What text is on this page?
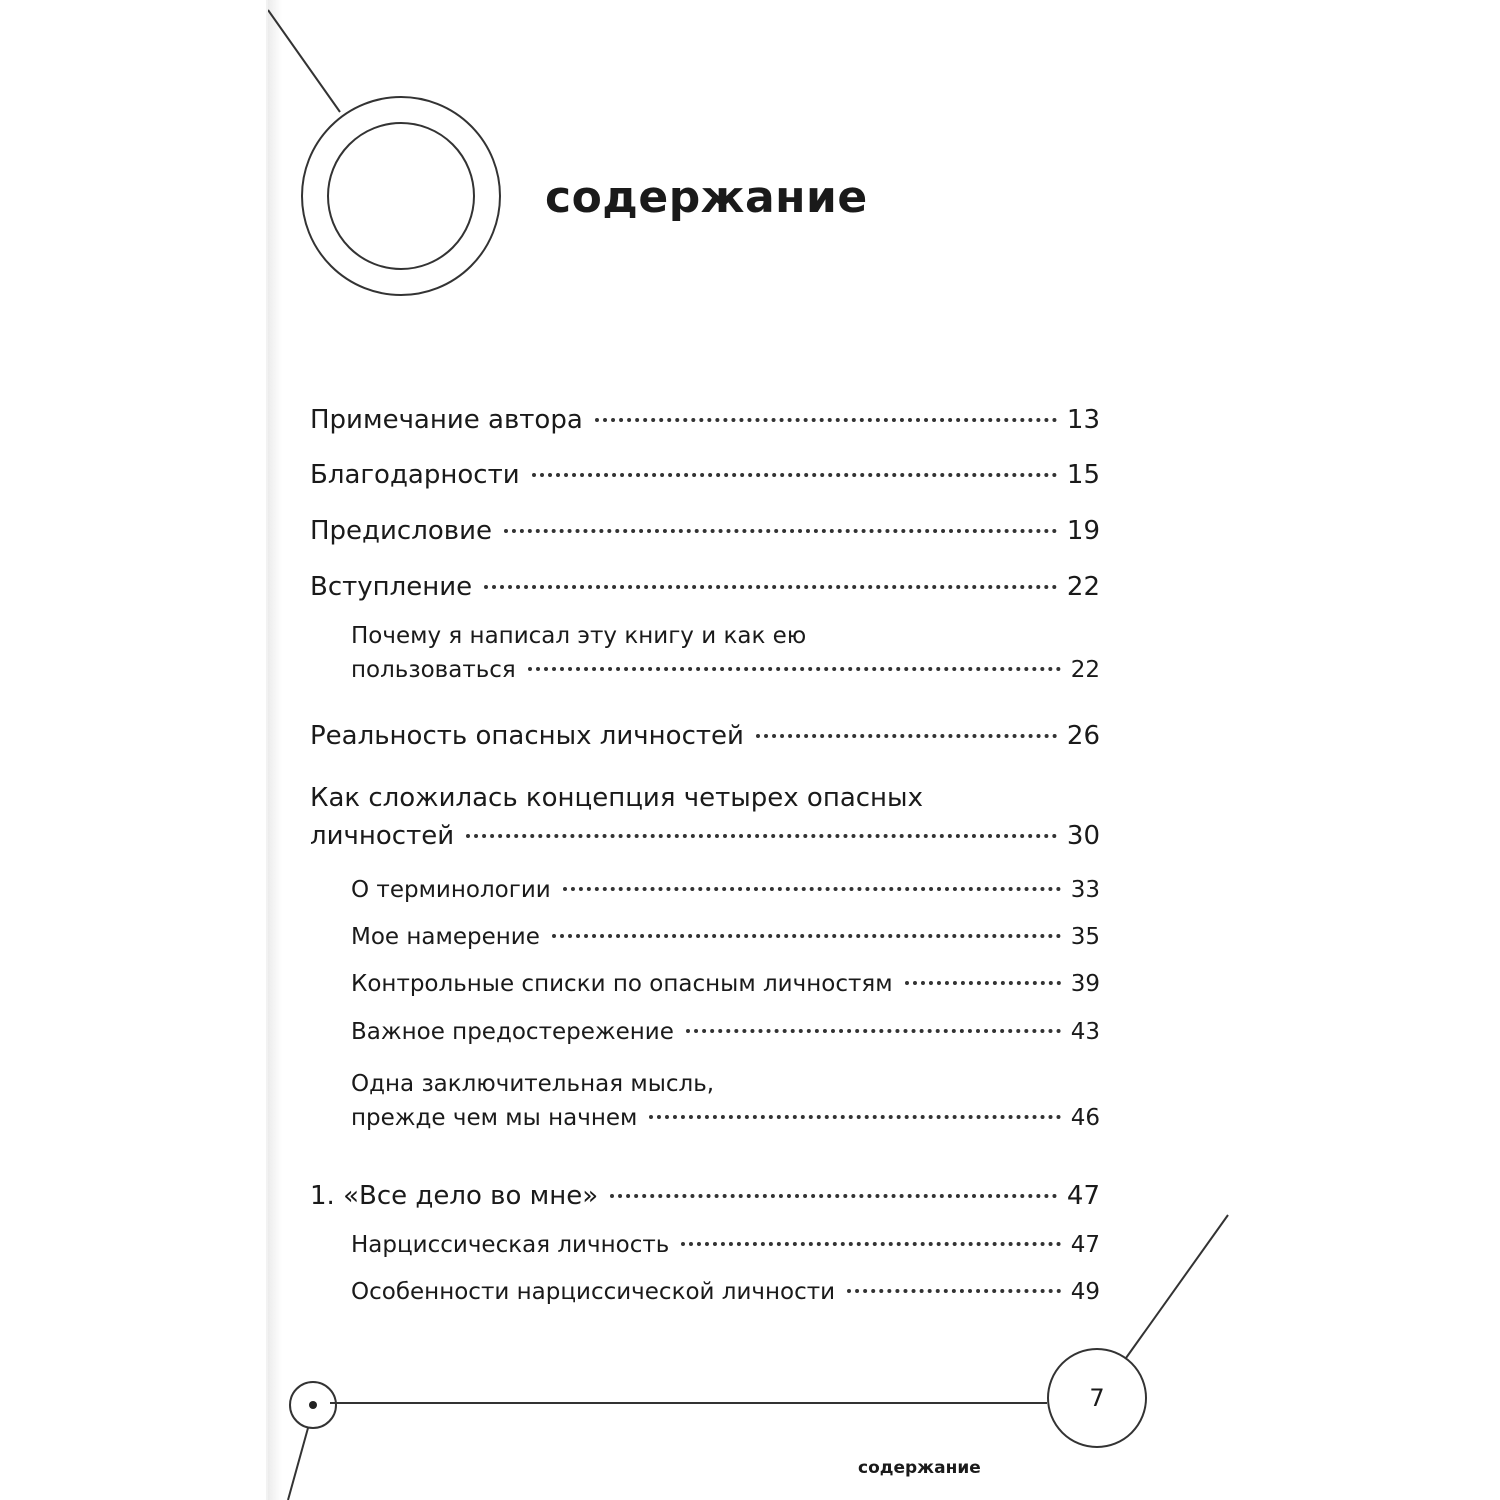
содержание
Примечание автора	13
Благодарности	15
Предисловие	19
Вступление	22
Почему я написал эту книгу и как ею
пользоваться	22
Реальность опасных личностей	26
Как сложилась концепция четырех опасных
личностей	30
О терминологии	33
Мое намерение	35
Контрольные списки по опасным личностям	39
Важное предостережение	43
Одна заключительная мысль,
прежде чем мы начнем	46
1. «Все дело во мне»	47
Нарциссическая личность	47
Особенности нарциссической личности	49
7
содержание
